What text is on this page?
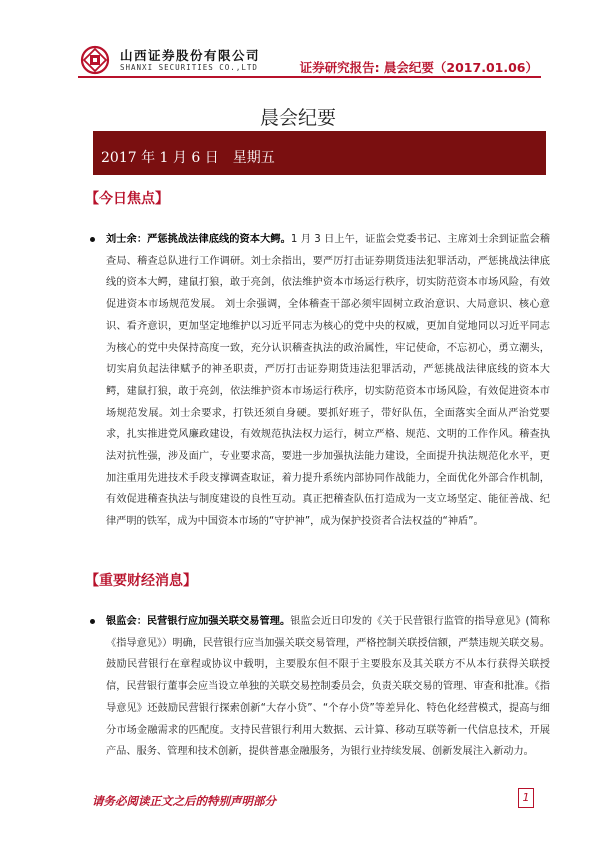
山西证券股份有限公司
SHANXI SECURITIES CO.,LTD	证券研究报告: 晨会纪要（2017.01.06）
晨会纪要
2017 年 1 月 6 日　星期五
【今日焦点】
刘士余：严惩挑战法律底线的资本大鳄。1 月 3 日上午，证监会党委书记、主席刘士余到证监会稽查局、稽查总队进行工作调研。刘士余指出，要严厉打击证券期货违法犯罪活动，严惩挑战法律底线的资本大鳄，建鼠打狼，敢于亮剑，依法维护资本市场运行秩序，切实防范资本市场风险，有效促进资本市场规范发展。 刘士余强调，全体稽查干部必须牢固树立政治意识、大局意识、核心意识、看齐意识，更加坚定地维护以习近平同志为核心的党中央的权威，更加自觉地同以习近平同志为核心的党中央保持高度一致，充分认识稽查执法的政治属性，牢记使命，不忘初心，勇立潮头，切实肩负起法律赋予的神圣职责，严厉打击证券期货违法犯罪活动，严惩挑战法律底线的资本大鳄，建鼠打狼，敢于亮剑，依法维护资本市场运行秩序，切实防范资本市场风险，有效促进资本市场规范发展。刘士余要求，打铁还须自身硬。要抓好班子，带好队伍，全面落实全面从严治党要求，扎实推进党风廉政建设，有效规范执法权力运行，树立严格、规范、文明的工作作风。稽查执法对抗性强，涉及面广，专业要求高，要进一步加强执法能力建设，全面提升执法规范化水平，更加注重用先进技术手段支撑调查取证，着力提升系统内部协同作战能力，全面优化外部合作机制，有效促进稽查执法与制度建设的良性互动。真正把稽查队伍打造成为一支立场坚定、能征善战、纪律严明的铁军，成为中国资本市场的“守护神”，成为保护投资者合法权益的“神盾”。
【重要财经消息】
银监会：民营银行应加强关联交易管理。银监会近日印发的《关于民营银行监管的指导意见》(简称《指导意见》）明确，民营银行应当加强关联交易管理，严格控制关联授信额，严禁违规关联交易。鼓励民营银行在章程或协议中载明，主要股东但不限于主要股东及其关联方不从本行获得关联授信，民营银行董事会应当设立单独的关联交易控制委员会，负责关联交易的管理、审查和批准。《指导意见》还鼓励民营银行探索创新“大存小贷”、“个存小贷”等差异化、特色化经营模式，提高与细分市场金融需求的匹配度。支持民营银行利用大数据、云计算、移动互联等新一代信息技术，开展产品、服务、管理和技术创新，提供普惠金融服务，为银行业持续发展、创新发展注入新动力。
请务必阅读正文之后的特别声明部分	1
